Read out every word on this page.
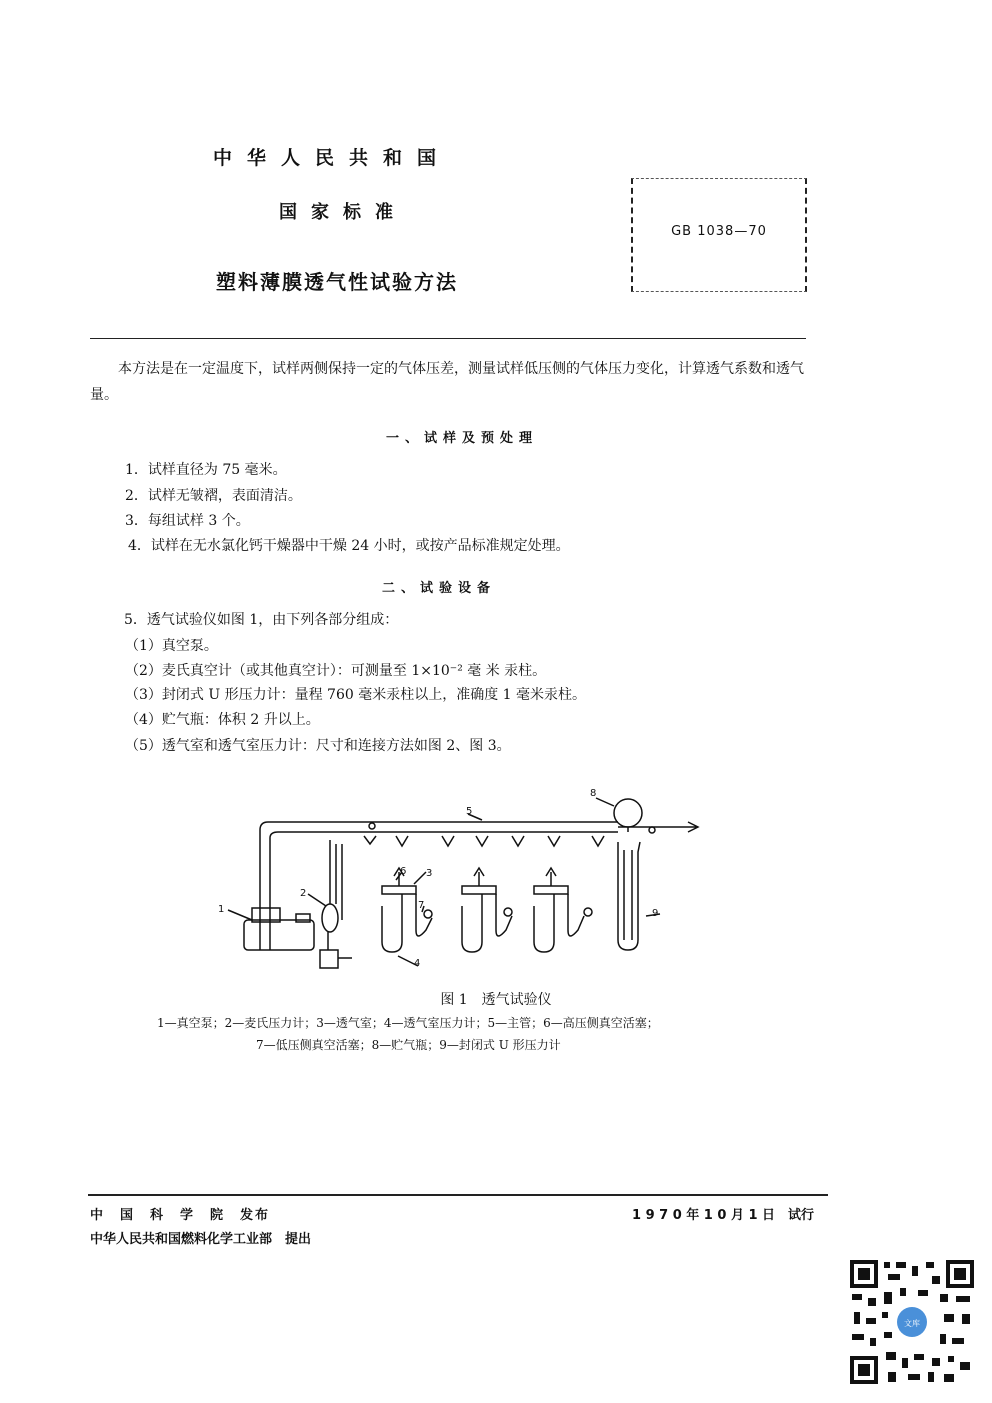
中华人民共和国
国家标准
塑料薄膜透气性试验方法
GB 1038—70
本方法是在一定温度下，试样两侧保持一定的气体压差，测量试样低压侧的气体压力变化，计算透气系数和透气量。
一、试样及预处理
1．试样直径为 75 毫米。
2．试样无皱褶，表面清洁。
3．每组试样 3 个。
4．试样在无水氯化钙干燥器中干燥 24 小时，或按产品标准规定处理。
二、试验设备
5．透气试验仪如图 1，由下列各部分组成：
（1）真空泵。
（2）麦氏真空计（或其他真空计）：可测量至 1×10⁻² 毫 米 汞柱。
（3）封闭式 U 形压力计：量程 760 毫米汞柱以上，准确度 1 毫米汞柱。
（4）贮气瓶：体积 2 升以上。
（5）透气室和透气室压力计：尺寸和连接方法如图 2、图 3。
1
2
3
4
5
6
7
8
9
图 1　透气试验仪
1—真空泵；2—麦氏压力计；3—透气室；4—透气室压力计；5—主管；6—高压侧真空活塞；
7—低压侧真空活塞；8—贮气瓶；9—封闭式 U 形压力计
中　国　科　学　院　发布
中华人民共和国燃料化学工业部　提出
1 9 7 0 年 1 0 月 1 日　试行
文库
